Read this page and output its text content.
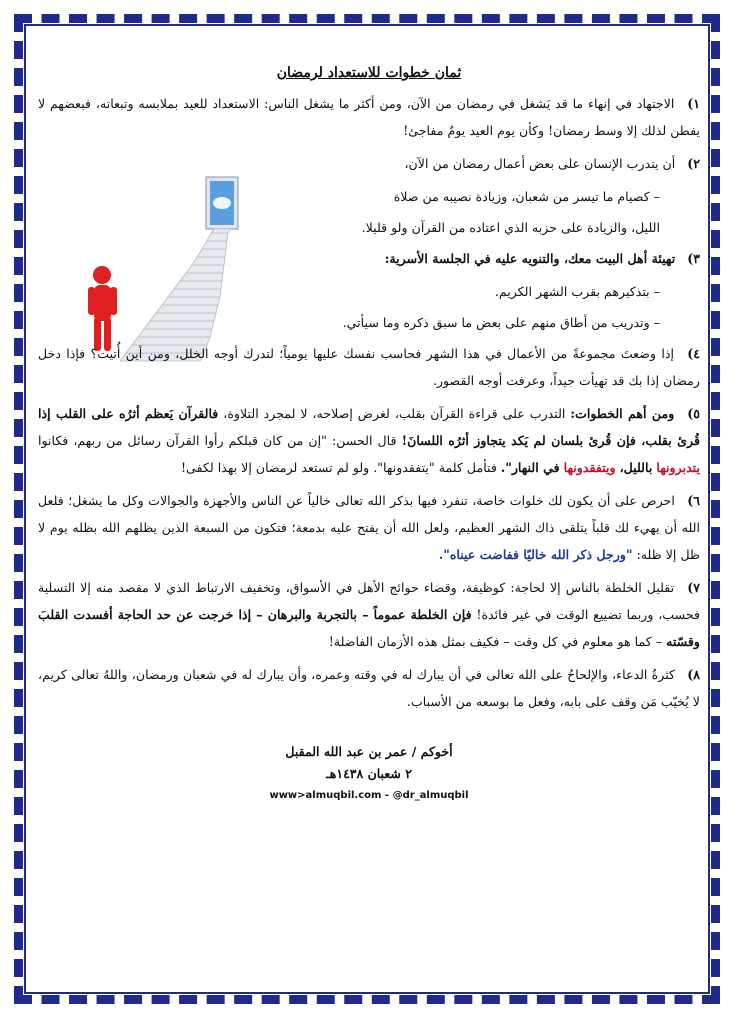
ثمان خطوات للاستعداد لرمضان

١) الاجتهاد في إنهاء ما قد يَشغل في رمضان من الآن، ومن أكثر ما يشغل الناس: الاستعداد للعيد بملابسه وتبعاته، فبعضهم لا يفطن لذلك إلا وسط رمضان! وكأن يوم العيد يومٌ مفاجئ!

٢) أن يتدرب الإنسان على بعض أعمال رمضان من الآن،

– كصيام ما تيسر من شعبان، وزيادة نصيبه من صلاة

الليل، والزيادة على حزبه الذي اعتاده من القرآن ولو قليلا.

٣) تهيئة أهل البيت معك، والتنويه عليه في الجلسة الأسرية:

– بتذكيرهم بقرب الشهر الكريم.

– وتدريب من أطاق منهم على بعض ما سبق ذكره وما سيأتي.

٤) إذا وضعتَ مجموعةً من الأعمال في هذا الشهر فحاسب نفسك عليها يومياً؛ لتدرك أوجه الخلل، ومن أين أُتيت؟ فإذا دخل رمضان إذا بك قد تهيأت جيداً، وعرفت أوجه القصور.

٥) ومن أهم الخطوات: التدرب على قراءة القرآن بقلب، لغرض إصلاحه، لا لمجرد التلاوة، فالقرآن يَعظم أثرُه على القلب إذا قُرئ بقلب، فإن قُرئ بلسان لم يَكد يتجاوز أثرُه اللسانَ! قال الحسن: "إن من كان قبلكم رأوا القرآن رسائل من ربهم، فكانوا يتدبرونها بالليل، ويتفقدونها في النهار". فتأمل كلمة "يتفقدونها". ولو لم تستعد لرمضان إلا بهذا لكفى!

٦) احرص على أن يكون لك خلوات خاصة، تنفرد فيها بذكر الله تعالى خالياً عن الناس والأجهزة والجوالات وكل ما يشغل؛ فلعل الله أن يهيء لك قلباً يتلقى ذاك الشهر العظيم، ولعل الله أن يفتح عليه بدمعة؛ فتكون من السبعة الذين يظلهم الله بظله يوم لا ظل إلا ظله: "ورجل ذكر الله خاليًا ففاضت عيناه".

٧) تقليل الخلطة بالناس إلا لحاجة: كوظيفة، وقضاء حوائج الأهل في الأسواق، وتخفيف الارتباط الذي لا مقصد منه إلا التسلية فحسب، وربما تضييع الوقت في غير فائدة! فإن الخلطة عموماً – بالتجربة والبرهان – إذا خرجت عن حد الحاجة أفسدت القلبَ وقسّته – كما هو معلوم في كل وقت – فكيف بمثل هذه الأزمان الفاضلة!

٨) كثرةُ الدعاء، والإلحاحُ على الله تعالى في أن يبارك له في وقته وعمره، وأن يبارك له في شعبان ورمضان، واللهُ تعالى كريم، لا يُخيّب مَن وقف على بابه، وفعل ما بوسعه من الأسباب.

أخوكم / عمر بن عبد الله المقبل
٢ شعبان ١٤٣٨هـ
www>almuqbil.com - @dr_almuqbil
